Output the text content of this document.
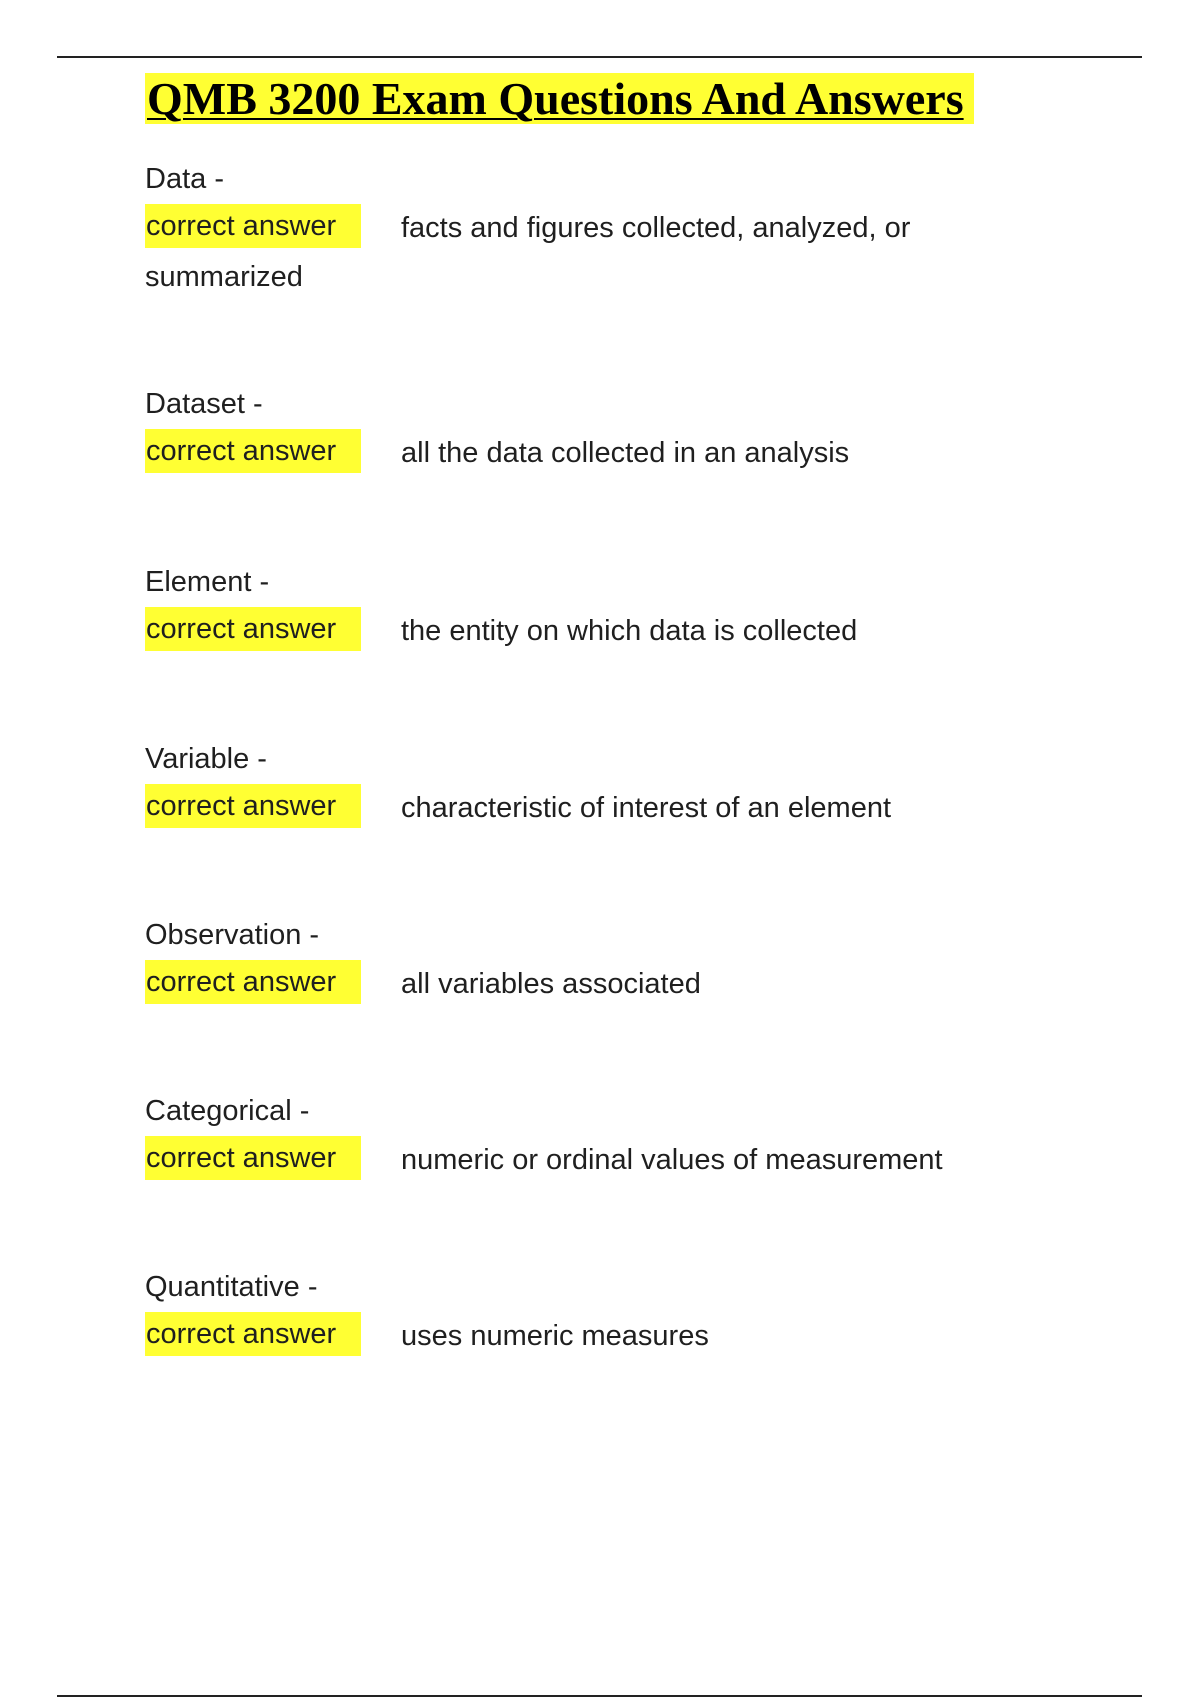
QMB 3200 Exam Questions And Answers
Data -
correct answer facts and figures collected, analyzed, or summarized
Dataset -
correct answer all the data collected in an analysis
Element -
correct answer the entity on which data is collected
Variable -
correct answer characteristic of interest of an element
Observation -
correct answer all variables associated
Categorical -
correct answer numeric or ordinal values of measurement
Quantitative -
correct answer uses numeric measures
